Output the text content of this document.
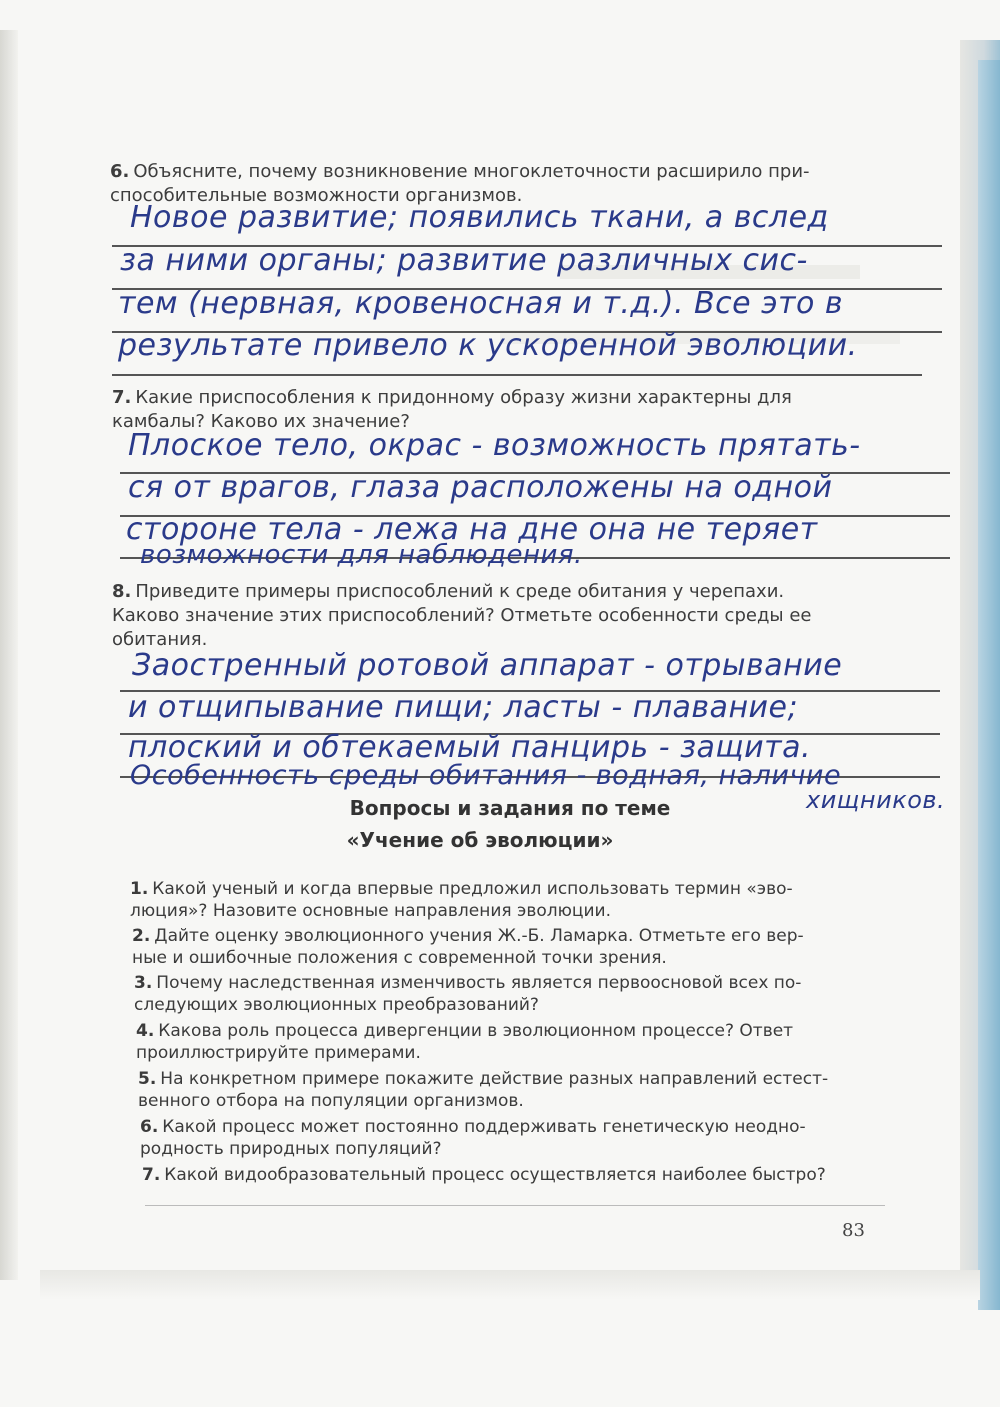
6. Объясните, почему возникновение многоклеточности расширило при-
способительные возможности организмов.
Новое развитие; появились ткани, а вслед
за ними органы; развитие различных сис-
тем (нервная, кровеносная и т.д.). Все это в
результате привело к ускоренной эволюции.
7. Какие приспособления к придонному образу жизни характерны для
камбалы? Каково их значение?
Плоское тело, окрас - возможность прятать-
ся от врагов, глаза расположены на одной
стороне тела - лежа на дне она не теряет
возможности для наблюдения.
8. Приведите примеры приспособлений к среде обитания у черепахи.
Каково значение этих приспособлений? Отметьте особенности среды ее
обитания.
Заостренный ротовой аппарат - отрывание
и отщипывание пищи; ласты - плавание;
плоский и обтекаемый панцирь - защита.
Особенность среды обитания - водная, наличие
хищников.
Вопросы и задания по теме
«Учение об эволюции»
1. Какой ученый и когда впервые предложил использовать термин «эво-
люция»? Назовите основные направления эволюции.
2. Дайте оценку эволюционного учения Ж.-Б. Ламарка. Отметьте его вер-
ные и ошибочные положения с современной точки зрения.
3. Почему наследственная изменчивость является первоосновой всех по-
следующих эволюционных преобразований?
4. Какова роль процесса дивергенции в эволюционном процессе? Ответ
проиллюстрируйте примерами.
5. На конкретном примере покажите действие разных направлений естест-
венного отбора на популяции организмов.
6. Какой процесс может постоянно поддерживать генетическую неодно-
родность природных популяций?
7. Какой видообразовательный процесс осуществляется наиболее быстро?
83
